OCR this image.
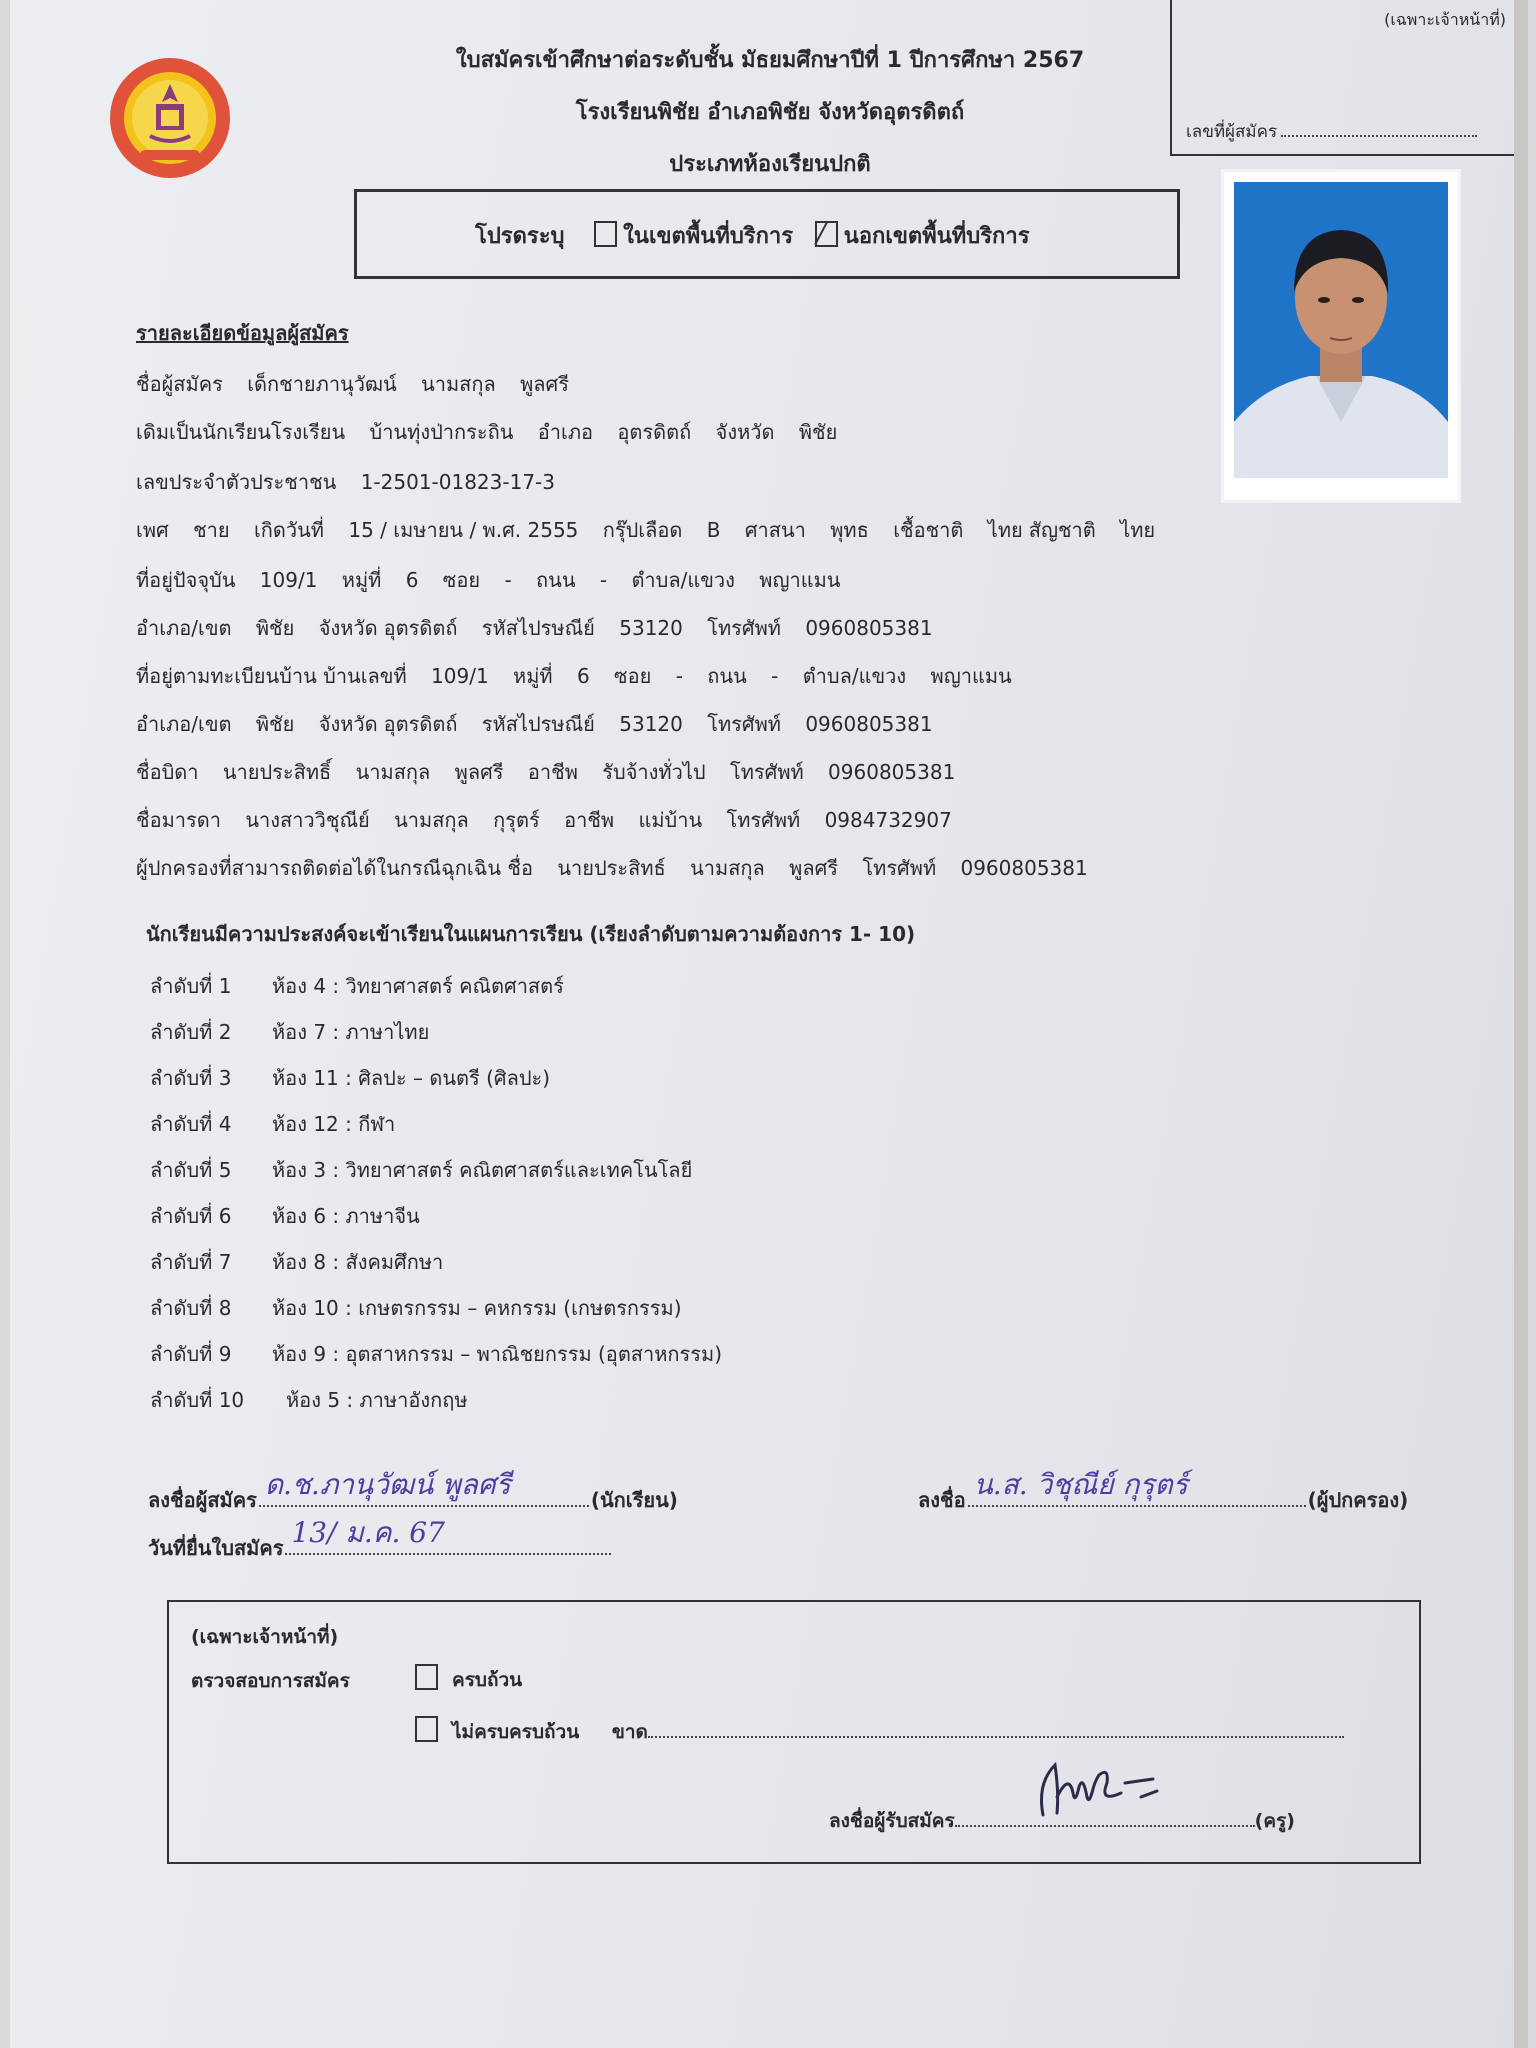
(เฉพาะเจ้าหน้าที่)
เลขที่ผู้สมัคร
ใบสมัครเข้าศึกษาต่อระดับชั้น มัธยมศึกษาปีที่ 1 ปีการศึกษา 2567
โรงเรียนพิชัย อำเภอพิชัย จังหวัดอุตรดิตถ์
ประเภทห้องเรียนปกติ
โปรดระบุ	ในเขตพื้นที่บริการ นอกเขตพื้นที่บริการ
รายละเอียดข้อมูลผู้สมัคร
ชื่อผู้สมัคร เด็กชายภานุวัฒน์ นามสกุล พูลศรี
เดิมเป็นนักเรียนโรงเรียน บ้านทุ่งป่ากระถิน อำเภอ อุตรดิตถ์ จังหวัด พิชัย
เลขประจำตัวประชาชน 1-2501-01823-17-3
เพศ ชาย เกิดวันที่ 15 / เมษายน / พ.ศ. 2555 กรุ๊ปเลือด B ศาสนา พุทธ เชื้อชาติ ไทย สัญชาติ ไทย
ที่อยู่ปัจจุบัน 109/1 หมู่ที่ 6 ซอย - ถนน - ตำบล/แขวง พญาแมน
อำเภอ/เขต พิชัย จังหวัด อุตรดิตถ์ รหัสไปรษณีย์ 53120 โทรศัพท์ 0960805381
ที่อยู่ตามทะเบียนบ้าน บ้านเลขที่ 109/1 หมู่ที่ 6 ซอย - ถนน - ตำบล/แขวง พญาแมน
อำเภอ/เขต พิชัย จังหวัด อุตรดิตถ์ รหัสไปรษณีย์ 53120 โทรศัพท์ 0960805381
ชื่อบิดา นายประสิทธิ์ นามสกุล พูลศรี อาชีพ รับจ้างทั่วไป โทรศัพท์ 0960805381
ชื่อมารดา นางสาววิชุณีย์ นามสกุล กุรุตร์ อาชีพ แม่บ้าน โทรศัพท์ 0984732907
ผู้ปกครองที่สามารถติดต่อได้ในกรณีฉุกเฉิน ชื่อ นายประสิทธ์ นามสกุล พูลศรี โทรศัพท์ 0960805381
นักเรียนมีความประสงค์จะเข้าเรียนในแผนการเรียน (เรียงลำดับตามความต้องการ 1- 10)
ลำดับที่ 1 ห้อง 4 : วิทยาศาสตร์ คณิตศาสตร์
ลำดับที่ 2 ห้อง 7 : ภาษาไทย
ลำดับที่ 3 ห้อง 11 : ศิลปะ – ดนตรี (ศิลปะ)
ลำดับที่ 4 ห้อง 12 : กีฬา
ลำดับที่ 5 ห้อง 3 : วิทยาศาสตร์ คณิตศาสตร์และเทคโนโลยี
ลำดับที่ 6 ห้อง 6 : ภาษาจีน
ลำดับที่ 7 ห้อง 8 : สังคมศึกษา
ลำดับที่ 8 ห้อง 10 : เกษตรกรรม – คหกรรม (เกษตรกรรม)
ลำดับที่ 9 ห้อง 9 : อุตสาหกรรม – พาณิชยกรรม (อุตสาหกรรม)
ลำดับที่ 10 ห้อง 5 : ภาษาอังกฤษ
ลงชื่อผู้สมัคร ด.ช.ภานุวัฒน์ พูลศรี	(นักเรียน)	ลงชื่อ น.ส. วิชุณีย์ กุรุตร์	(ผู้ปกครอง)
วันที่ยื่นใบสมัคร 13/ ม.ค. 67
(เฉพาะเจ้าหน้าที่)
ตรวจสอบการสมัคร	ครบถ้วน
ไม่ครบครบถ้วน ขาด
ลงชื่อผู้รับสมัคร	(ครู)
